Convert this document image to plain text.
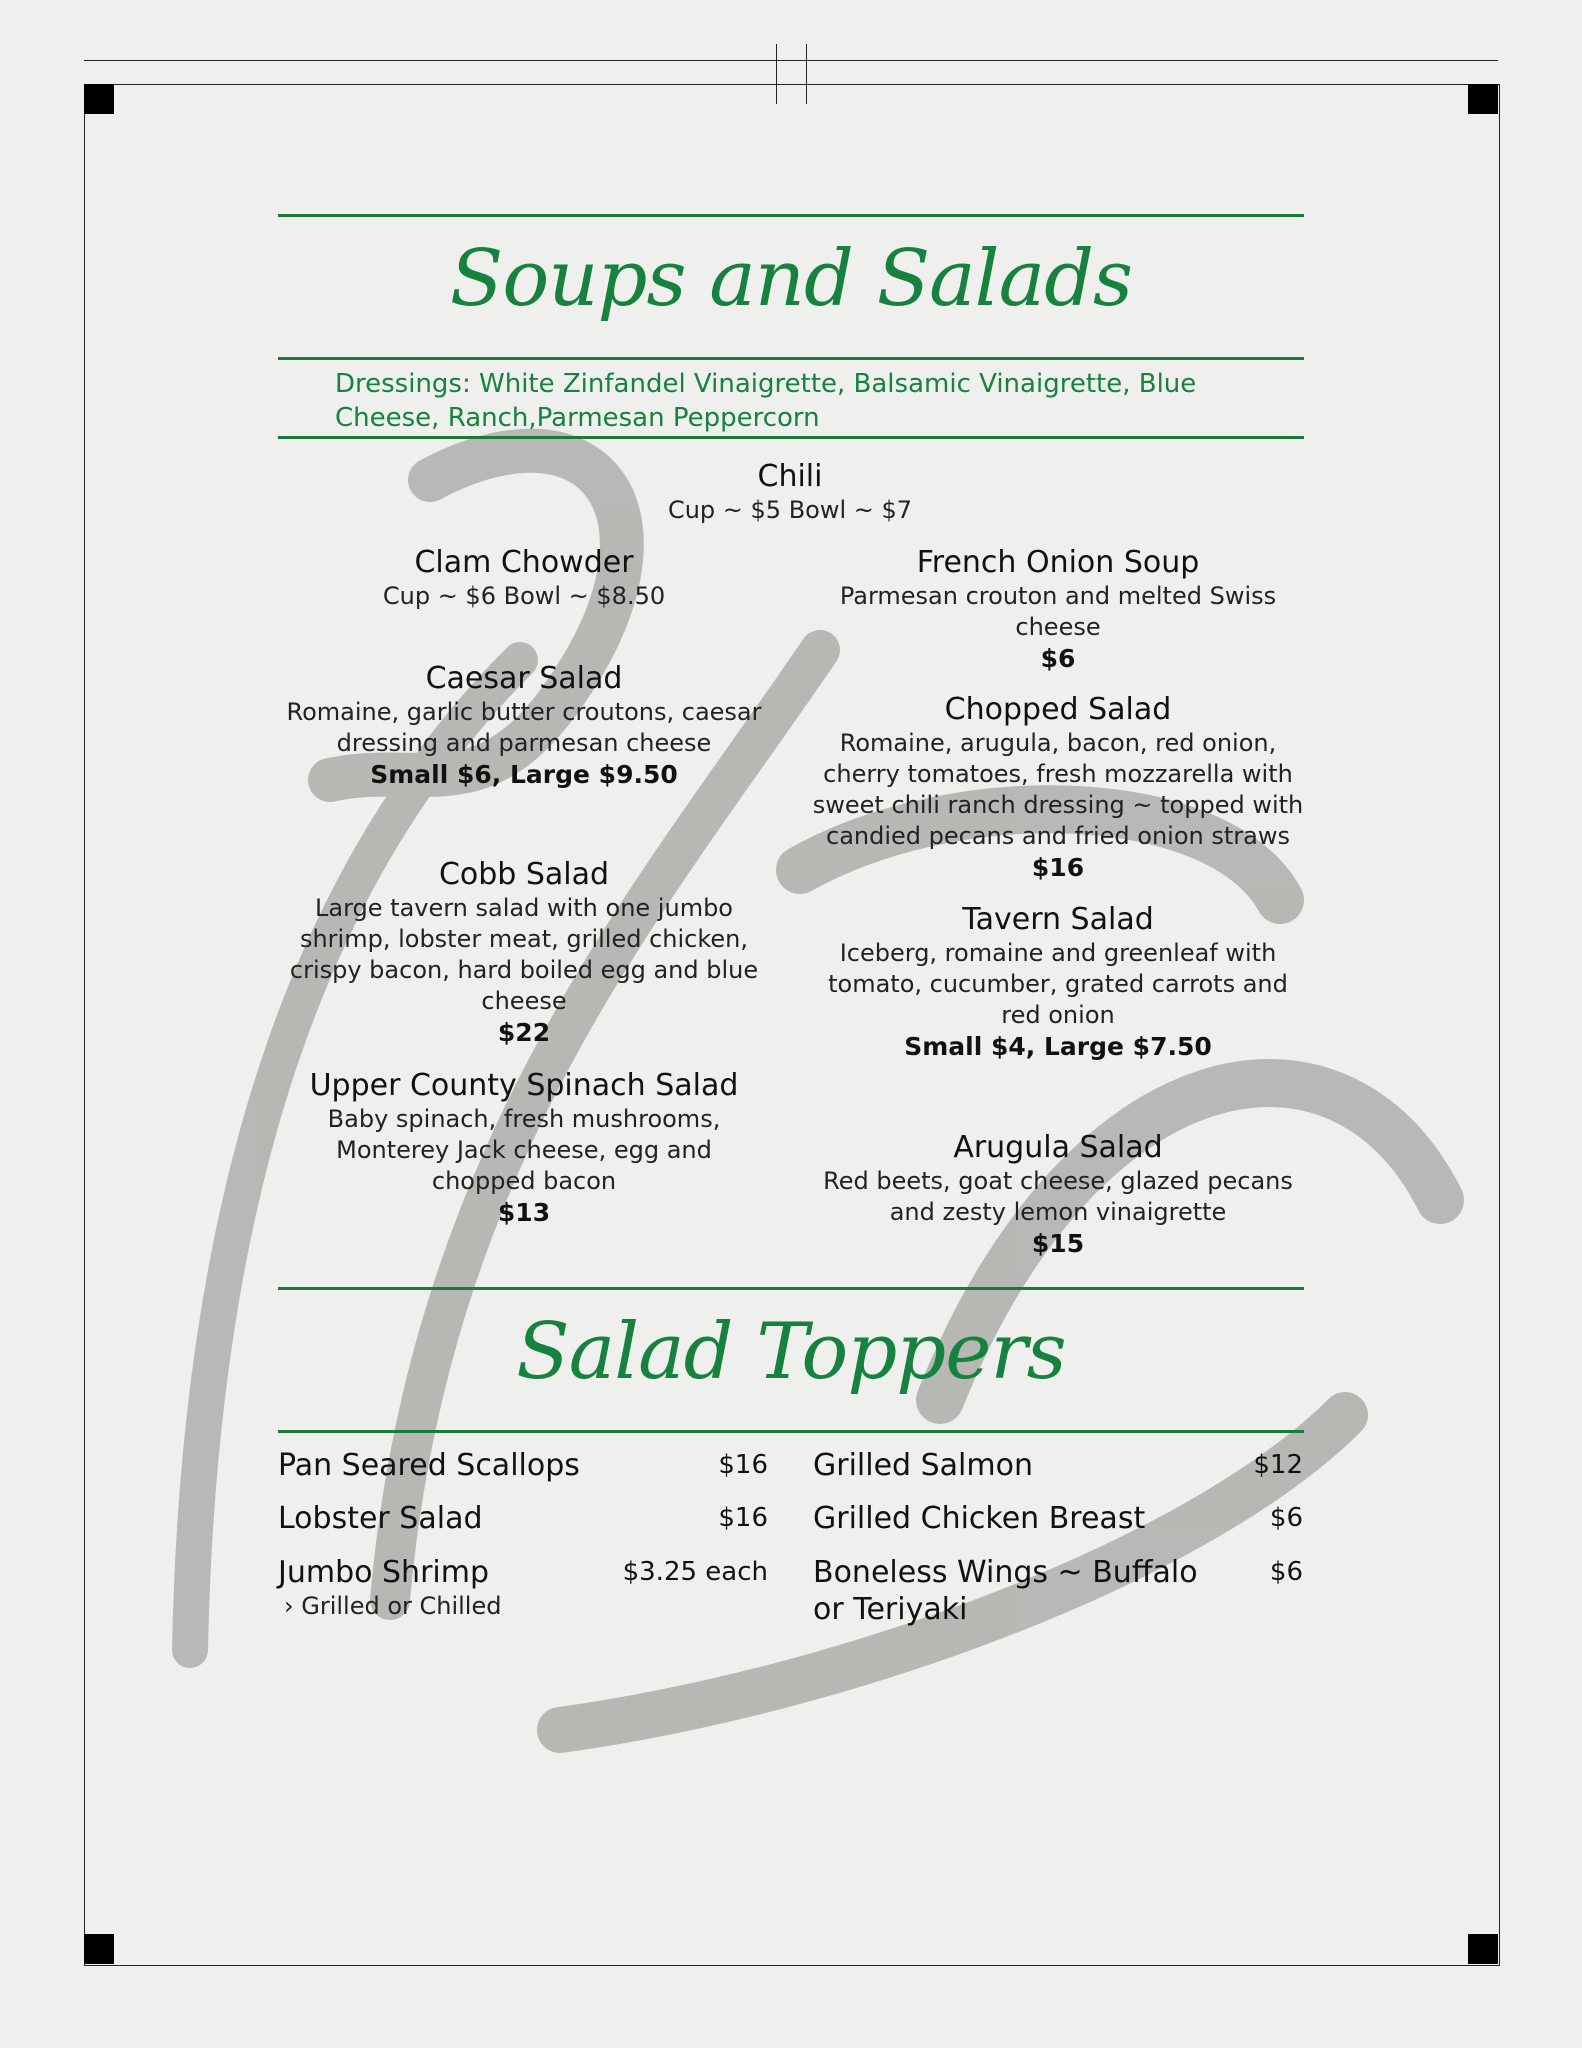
Soups and Salads
Dressings: White Zinfandel Vinaigrette, Balsamic Vinaigrette, Blue Cheese, Ranch,Parmesan Peppercorn
Chili
Cup ~ $5 Bowl ~ $7
Clam Chowder
Cup ~ $6 Bowl ~ $8.50
Caesar Salad
Romaine, garlic butter croutons, caesar dressing and parmesan cheese
Small $6, Large $9.50
Cobb Salad
Large tavern salad with one jumbo shrimp, lobster meat, grilled chicken, crispy bacon, hard boiled egg and blue cheese
$22
Upper County Spinach Salad
Baby spinach, fresh mushrooms, Monterey Jack cheese, egg and chopped bacon
$13
French Onion Soup
Parmesan crouton and melted Swiss cheese
$6
Chopped Salad
Romaine, arugula, bacon, red onion, cherry tomatoes, fresh mozzarella with sweet chili ranch dressing ~ topped with candied pecans and fried onion straws
$16
Tavern Salad
Iceberg, romaine and greenleaf with tomato, cucumber, grated carrots and red onion
Small $4, Large $7.50
Arugula Salad
Red beets, goat cheese, glazed pecans and zesty lemon vinaigrette
$15
Salad Toppers
Pan Seared Scallops	$16
Lobster Salad	$16
Jumbo Shrimp	$3.25 each
› Grilled or Chilled
Grilled Salmon	$12
Grilled Chicken Breast	$6
Boneless Wings ~ Buffalo or Teriyaki
$6
